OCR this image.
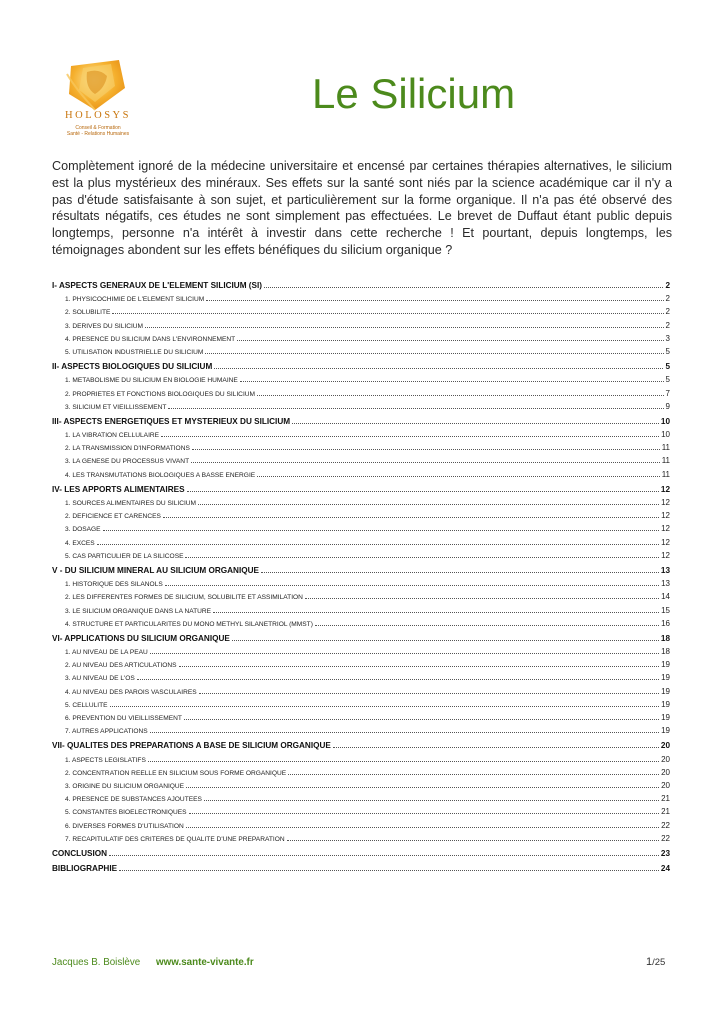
HOLOSYS
Conseil & Formation
Santé - Relations Humaines
Le Silicium

Complètement ignoré de la médecine universitaire et encensé par certaines thérapies alternatives, le silicium est la plus mystérieux des minéraux. Ses effets sur la santé sont niés par la science académique car il n'y a pas d'étude satisfaisante à son sujet, et particulièrement sur la forme organique. Il n'a pas été observé des résultats négatifs, ces études ne sont simplement pas effectuées. Le brevet de Duffaut étant public depuis longtemps, personne n'a intérêt à investir dans cette recherche ! Et pourtant, depuis longtemps, les témoignages abondent sur les effets bénéfiques du silicium organique ?

I- ASPECTS GENERAUX DE L'ELEMENT SILICIUM (SI)	2
1. PHYSICOCHIMIE DE L'ELEMENT SILICIUM	2
2. SOLUBILITE	2
3. DERIVES DU SILICIUM	2
4. PRESENCE DU SILICIUM DANS L'ENVIRONNEMENT	3
5. UTILISATION INDUSTRIELLE DU SILICIUM	5
II- ASPECTS BIOLOGIQUES DU SILICIUM	5
1. METABOLISME DU SILICIUM EN BIOLOGIE HUMAINE	5
2. PROPRIETES ET FONCTIONS BIOLOGIQUES DU SILICIUM	7
3. SILICIUM ET VIEILLISSEMENT	9
III- ASPECTS ENERGETIQUES ET MYSTERIEUX DU SILICIUM	10
1. LA VIBRATION CELLULAIRE	10
2. LA TRANSMISSION D'INFORMATIONS	11
3. LA GENESE DU PROCESSUS VIVANT	11
4. LES TRANSMUTATIONS BIOLOGIQUES A BASSE ENERGIE	11
IV- LES APPORTS ALIMENTAIRES	12
1. SOURCES ALIMENTAIRES DU SILICIUM	12
2. DEFICIENCE ET CARENCES	12
3. DOSAGE	12
4. EXCES	12
5. CAS PARTICULIER DE LA SILICOSE	12
V - DU SILICIUM MINERAL AU SILICIUM ORGANIQUE	13
1. HISTORIQUE DES SILANOLS	13
2. LES DIFFERENTES FORMES DE SILICIUM, SOLUBILITE ET ASSIMILATION	14
3. LE SILICIUM ORGANIQUE DANS LA NATURE	15
4. STRUCTURE ET PARTICULARITES DU MONO METHYL SILANETRIOL (MMST)	16
VI- APPLICATIONS DU SILICIUM ORGANIQUE	18
1. AU NIVEAU DE LA PEAU	18
2. AU NIVEAU DES ARTICULATIONS	19
3. AU NIVEAU DE L'OS	19
4. AU NIVEAU DES PAROIS VASCULAIRES	19
5. CELLULITE	19
6. PREVENTION DU VIEILLISSEMENT	19
7. AUTRES APPLICATIONS	19
VII- QUALITES DES PREPARATIONS A BASE DE SILICIUM ORGANIQUE	20
1. ASPECTS LEGISLATIFS	20
2. CONCENTRATION REELLE EN SILICIUM SOUS FORME ORGANIQUE	20
3. ORIGINE DU SILICIUM ORGANIQUE	20
4. PRESENCE DE SUBSTANCES AJOUTEES	21
5. CONSTANTES BIOELECTRONIQUES	21
6. DIVERSES FORMES D'UTILISATION	22
7. RECAPITULATIF DES CRITERES DE QUALITE D'UNE PREPARATION	22
CONCLUSION	23
BIBLIOGRAPHIE	24
Jacques B. Boislève www.sante-vivante.fr	1/25
